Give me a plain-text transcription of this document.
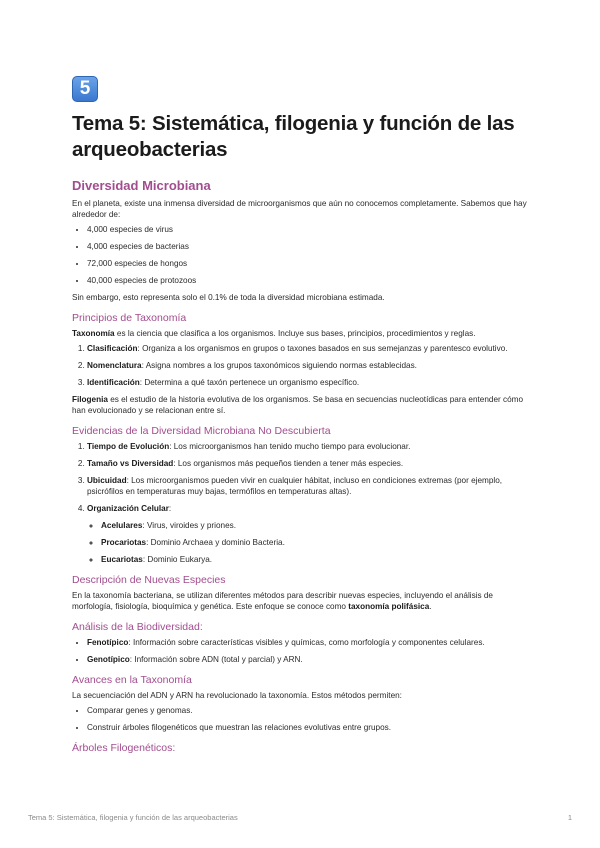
5
Tema 5: Sistemática, filogenia y función de las arqueobacterias
Diversidad Microbiana

En el planeta, existe una inmensa diversidad de microorganismos que aún no conocemos completamente. Sabemos que hay alrededor de:

• 4,000 especies de virus
• 4,000 especies de bacterias
• 72,000 especies de hongos
• 40,000 especies de protozoos

Sin embargo, esto representa solo el 0.1% de toda la diversidad microbiana estimada.

Principios de Taxonomía

Taxonomía es la ciencia que clasifica a los organismos. Incluye sus bases, principios, procedimientos y reglas.

1. Clasificación: Organiza a los organismos en grupos o taxones basados en sus semejanzas y parentesco evolutivo.
2. Nomenclatura: Asigna nombres a los grupos taxonómicos siguiendo normas establecidas.
3. Identificación: Determina a qué taxón pertenece un organismo específico.

Filogenia es el estudio de la historia evolutiva de los organismos. Se basa en secuencias nucleotídicas para entender cómo han evolucionado y se relacionan entre sí.

Evidencias de la Diversidad Microbiana No Descubierta
1. Tiempo de Evolución: Los microorganismos han tenido mucho tiempo para evolucionar.
2. Tamaño vs Diversidad: Los organismos más pequeños tienden a tener más especies.
3. Ubicuidad: Los microorganismos pueden vivir en cualquier hábitat, incluso en condiciones extremas (por ejemplo, psicrófilos en temperaturas muy bajas, termófilos en temperaturas altas).
4. Organización Celular:
◦ Acelulares: Virus, viroides y priones.
◦ Procariotas: Dominio Archaea y dominio Bacteria.
◦ Eucariotas: Dominio Eukarya.
Descripción de Nuevas Especies

En la taxonomía bacteriana, se utilizan diferentes métodos para describir nuevas especies, incluyendo el análisis de morfología, fisiología, bioquímica y genética. Este enfoque se conoce como taxonomía polifásica.

Análisis de la Biodiversidad:
• Fenotípico: Información sobre características visibles y químicas, como morfología y componentes celulares.
• Genotípico: Información sobre ADN (total y parcial) y ARN.
Avances en la Taxonomía

La secuenciación del ADN y ARN ha revolucionado la taxonomía. Estos métodos permiten:

• Comparar genes y genomas.
• Construir árboles filogenéticos que muestran las relaciones evolutivas entre grupos.
Árboles Filogenéticos:
Tema 5: Sistemática, filogenia y función de las arqueobacterias	1
